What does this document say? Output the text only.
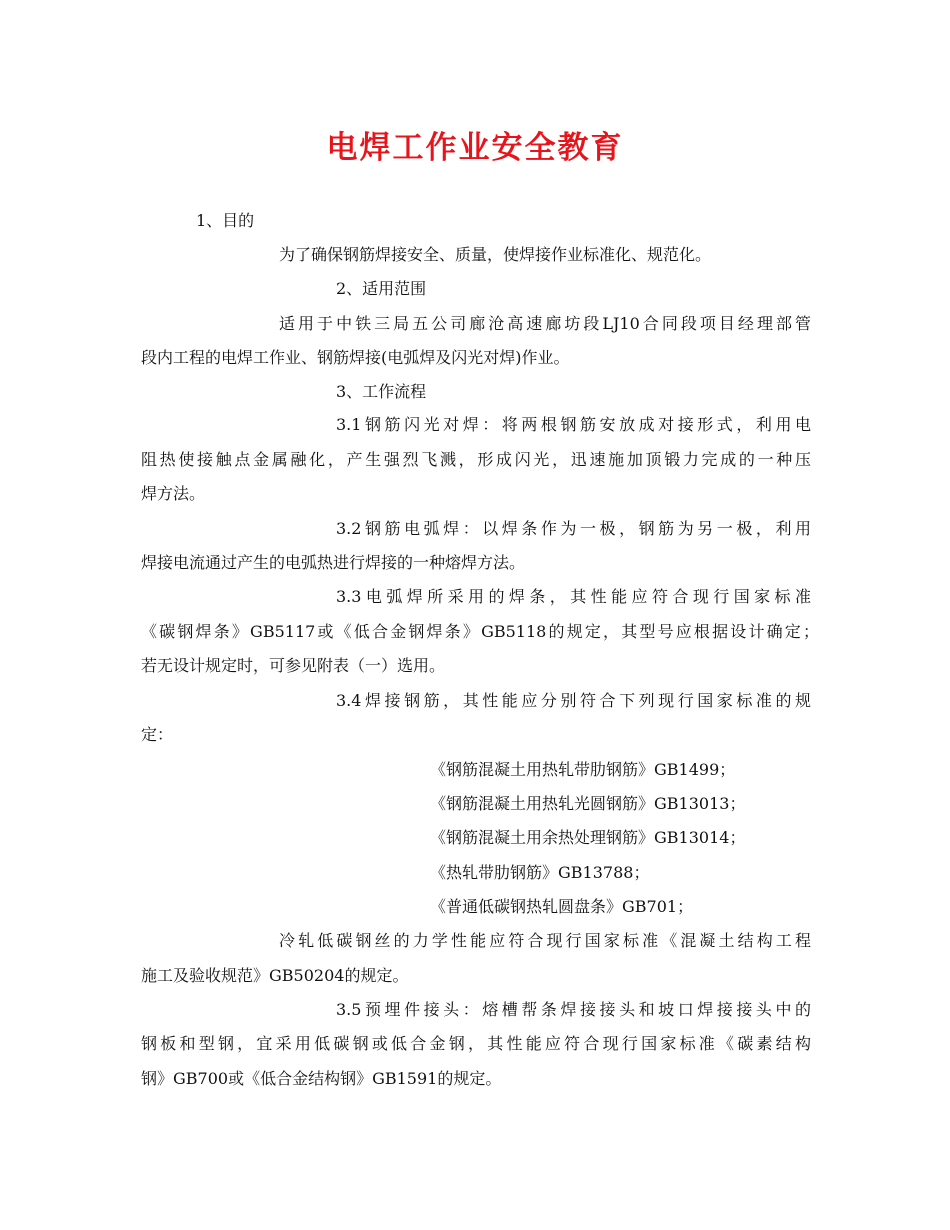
电焊工作业安全教育
1、目的
为了确保钢筋焊接安全、质量，使焊接作业标准化、规范化。
2、适用范围
适用于中铁三局五公司廊沧高速廊坊段LJ10合同段项目经理部管
段内工程的电焊工作业、钢筋焊接(电弧焊及闪光对焊)作业。
3、工作流程
3.1钢筋闪光对焊：将两根钢筋安放成对接形式，利用电
阻热使接触点金属融化，产生强烈飞溅，形成闪光，迅速施加顶锻力完成的一种压
焊方法。
3.2钢筋电弧焊：以焊条作为一极，钢筋为另一极，利用
焊接电流通过产生的电弧热进行焊接的一种熔焊方法。
3.3电弧焊所采用的焊条，其性能应符合现行国家标准
《碳钢焊条》GB5117或《低合金钢焊条》GB5118的规定，其型号应根据设计确定；
若无设计规定时，可参见附表（一）选用。
3.4焊接钢筋，其性能应分别符合下列现行国家标准的规
定：
《钢筋混凝土用热轧带肋钢筋》GB1499；
《钢筋混凝土用热轧光圆钢筋》GB13013；
《钢筋混凝土用余热处理钢筋》GB13014；
《热轧带肋钢筋》GB13788；
《普通低碳钢热轧圆盘条》GB701；
冷轧低碳钢丝的力学性能应符合现行国家标准《混凝土结构工程
施工及验收规范》GB50204的规定。
3.5预埋件接头：熔槽帮条焊接接头和坡口焊接接头中的
钢板和型钢，宜采用低碳钢或低合金钢，其性能应符合现行国家标准《碳素结构
钢》GB700或《低合金结构钢》GB1591的规定。
